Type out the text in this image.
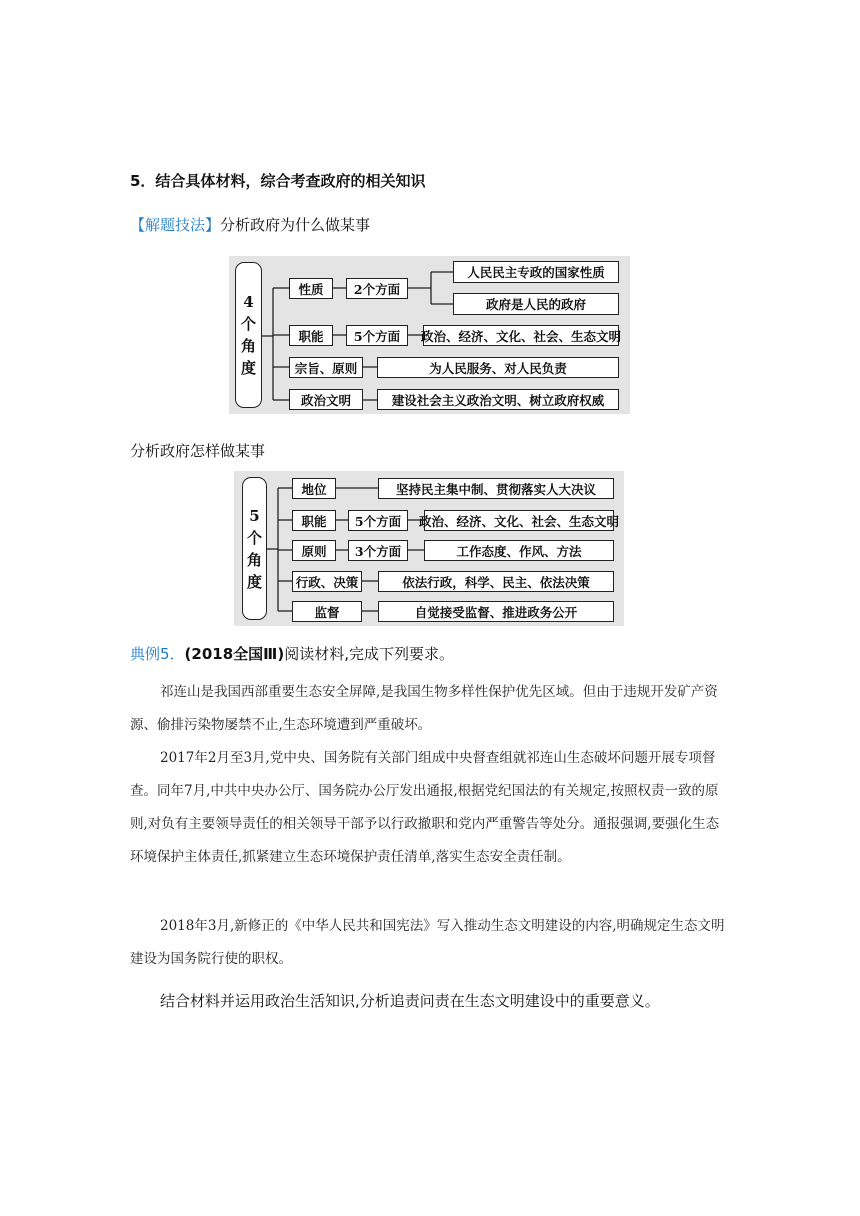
5．结合具体材料，综合考查政府的相关知识
【解题技法】分析政府为什么做某事
4
个
角
度
性质	2个方面
人民民主专政的国家性质
政府是人民的政府
职能	5个方面	政治、经济、文化、社会、生态文明
宗旨、原则	为人民服务、对人民负责
政治文明	建设社会主义政治文明、树立政府权威
分析政府怎样做某事
5
个
角
度
地位	坚持民主集中制、贯彻落实人大决议
职能	5个方面	政治、经济、文化、社会、生态文明
原则	3个方面	工作态度、作风、方法
行政、决策	依法行政，科学、民主、依法决策
监督	自觉接受监督、推进政务公开
典例5．(2018全国Ⅲ)阅读材料,完成下列要求。
祁连山是我国西部重要生态安全屏障,是我国生物多样性保护优先区域。但由于违规开发矿产资源、偷排污染物屡禁不止,生态环境遭到严重破坏。
2017年2月至3月,党中央、国务院有关部门组成中央督查组就祁连山生态破坏问题开展专项督查。同年7月,中共中央办公厅、国务院办公厅发出通报,根据党纪国法的有关规定,按照权责一致的原则,对负有主要领导责任的相关领导干部予以行政撤职和党内严重警告等处分。通报强调,要强化生态环境保护主体责任,抓紧建立生态环境保护责任清单,落实生态安全责任制。
2018年3月,新修正的《中华人民共和国宪法》写入推动生态文明建设的内容,明确规定生态文明建设为国务院行使的职权。
结合材料并运用政治生活知识,分析追责问责在生态文明建设中的重要意义。
